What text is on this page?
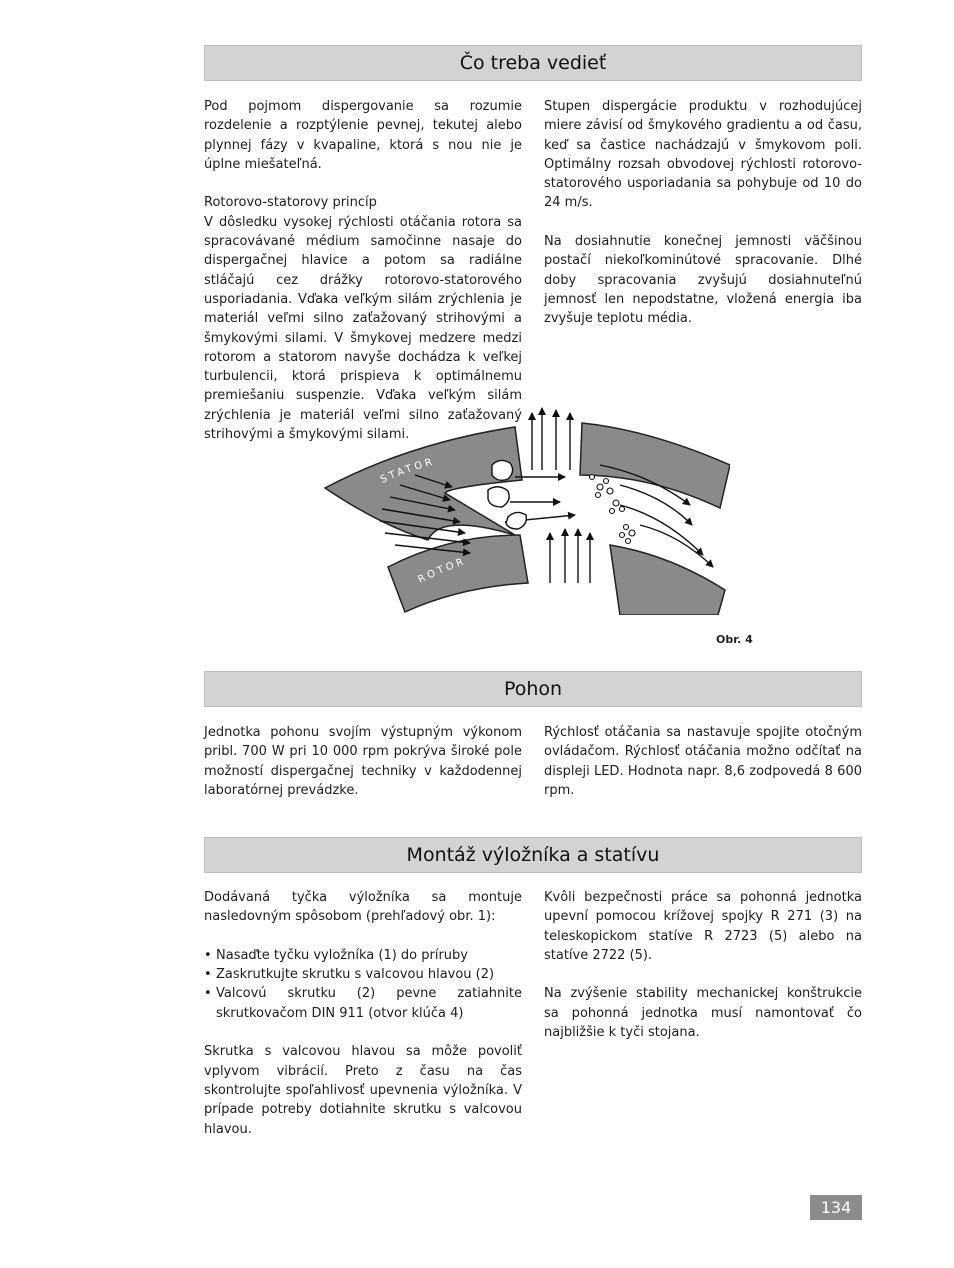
Čo treba vedieť

Pod pojmom dispergovanie sa rozumie rozdelenie a rozptýlenie pevnej, tekutej alebo plynnej fázy v kvapaline, ktorá s nou nie je úplne miešateľná.

Rotorovo-statorovy princíp

V dôsledku vysokej rýchlosti otáčania rotora sa spracovávané médium samočinne nasaje do dispergačnej hlavice a potom sa radiálne stláčajú cez drážky rotorovo-statorového usporiadania. Vďaka veľkým silám zrýchlenia je materiál veľmi silno zaťažovaný strihovými a šmykovými silami. V šmykovej medzere medzi rotorom a statorom navyše dochádza k veľkej turbulencii, ktorá prispieva k optimálnemu premiešaniu suspenzie. Vďaka veľkým silám zrýchlenia je materiál veľmi silno zaťažovaný strihovými a šmykovými silami.

Stupen dispergácie produktu v rozhodujúcej miere závisí od šmykového gradientu a od času, keď sa častice nachádzajú v šmykovom poli. Optimálny rozsah obvodovej rýchlosti rotorovo-statorového usporiadania sa pohybuje od 10 do 24 m/s.

Na dosiahnutie konečnej jemnosti väčšinou postačí niekoľkominútové spracovanie. Dlhé doby spracovania zvyšujú dosiahnuteľnú jemnosť len nepodstatne, vložená energia iba zvyšuje teplotu média.

STATOR
ROTOR
Obr. 4
Pohon

Jednotka pohonu svojím výstupným výkonom pribl. 700 W pri 10 000 rpm pokrýva široké pole možností dispergačnej techniky v každodennej laboratórnej prevádzke.

Rýchlosť otáčania sa nastavuje spojite otočným ovládačom. Rýchlosť otáčania možno odčítať na displeji LED. Hodnota napr. 8,6 zodpovedá 8 600 rpm.

Montáž výložníka a statívu

Dodávaná tyčka výložníka sa montuje nasledovným spôsobom (prehľadový obr. 1):

• Nasaďte tyčku vyložníka (1) do príruby
• Zaskrutkujte skrutku s valcovou hlavou (2)
• Valcovú skrutku (2) pevne zatiahnite skrutkovačom DIN 911 (otvor klúča 4)

Skrutka s valcovou hlavou sa môže povoliť vplyvom vibrácií. Preto z času na čas skontrolujte spoľahlivosť upevnenia výložníka. V prípade potreby dotiahnite skrutku s valcovou hlavou.

Kvôli bezpečnosti práce sa pohonná jednotka upevní pomocou krížovej spojky R 271 (3) na teleskopickom statíve R 2723 (5) alebo na statíve 2722 (5).

Na zvýšenie stability mechanickej konštrukcie sa pohonná jednotka musí namontovať čo najbližšie k tyči stojana.

134
